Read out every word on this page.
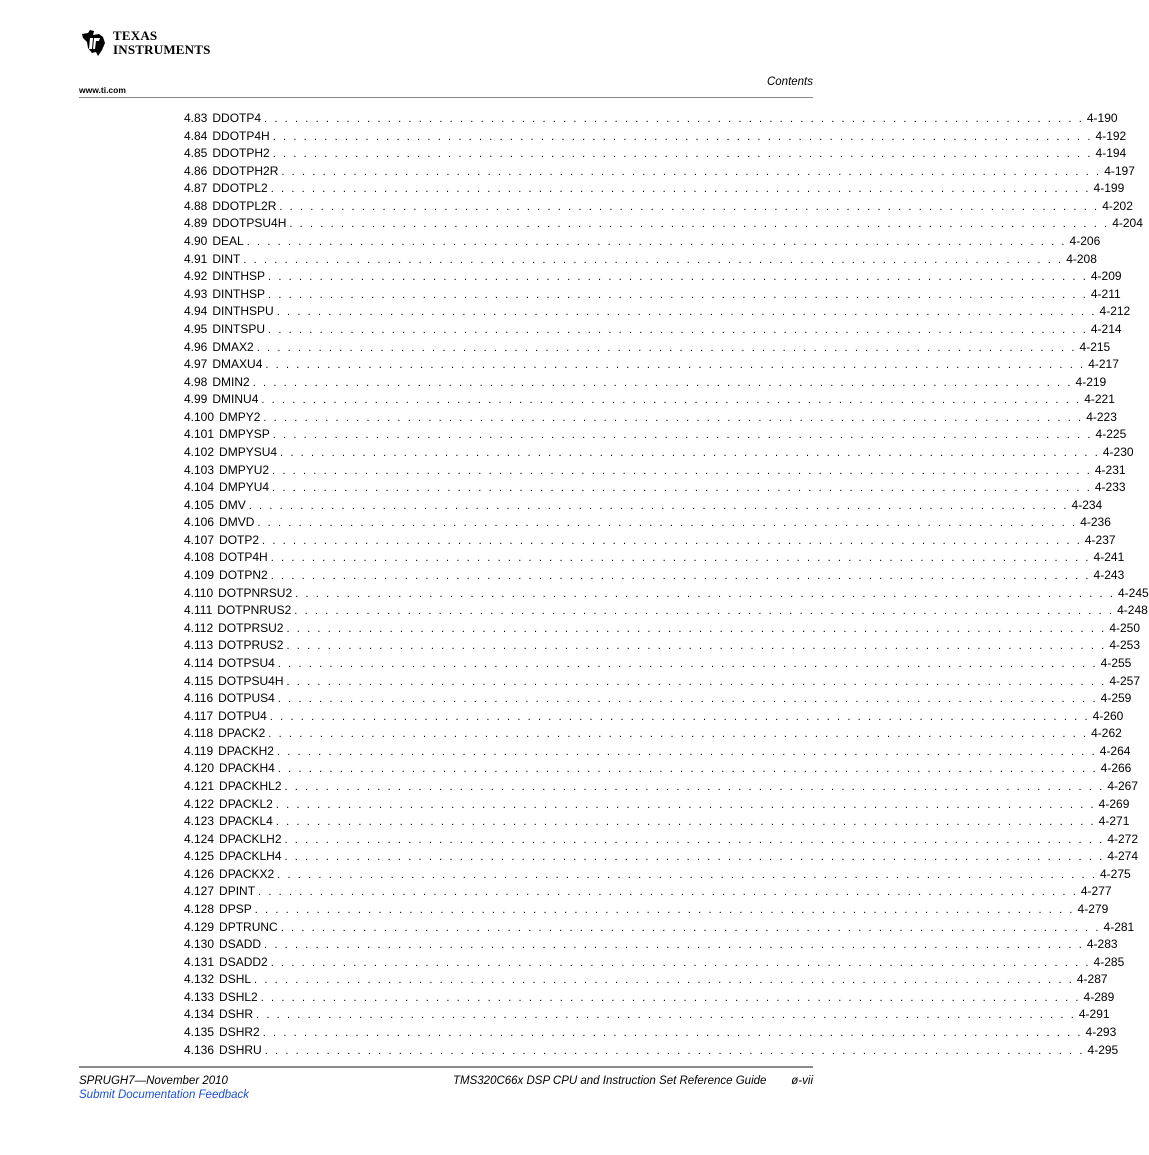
TEXAS
INSTRUMENTS
www.ti.com
Contents
4.83 DDOTP4 . . . . . . . . . . . . . . . . . . . . . . . . . . . . . . . . . . . . . . . . . . . . . . . . . . . . . . . . . . . . . . . . . . . . . . . . . . . . . . . . 4-190
4.84 DDOTP4H . . . . . . . . . . . . . . . . . . . . . . . . . . . . . . . . . . . . . . . . . . . . . . . . . . . . . . . . . . . . . . . . . . . . . . . . . . . . . . . . 4-192
4.85 DDOTPH2 . . . . . . . . . . . . . . . . . . . . . . . . . . . . . . . . . . . . . . . . . . . . . . . . . . . . . . . . . . . . . . . . . . . . . . . . . . . . . . . . 4-194
4.86 DDOTPH2R . . . . . . . . . . . . . . . . . . . . . . . . . . . . . . . . . . . . . . . . . . . . . . . . . . . . . . . . . . . . . . . . . . . . . . . . . . . . . . . . 4-197
4.87 DDOTPL2 . . . . . . . . . . . . . . . . . . . . . . . . . . . . . . . . . . . . . . . . . . . . . . . . . . . . . . . . . . . . . . . . . . . . . . . . . . . . . . . . 4-199
4.88 DDOTPL2R . . . . . . . . . . . . . . . . . . . . . . . . . . . . . . . . . . . . . . . . . . . . . . . . . . . . . . . . . . . . . . . . . . . . . . . . . . . . . . . . 4-202
4.89 DDOTPSU4H . . . . . . . . . . . . . . . . . . . . . . . . . . . . . . . . . . . . . . . . . . . . . . . . . . . . . . . . . . . . . . . . . . . . . . . . . . . . . . . . 4-204
4.90 DEAL . . . . . . . . . . . . . . . . . . . . . . . . . . . . . . . . . . . . . . . . . . . . . . . . . . . . . . . . . . . . . . . . . . . . . . . . . . . . . . . . 4-206
4.91 DINT . . . . . . . . . . . . . . . . . . . . . . . . . . . . . . . . . . . . . . . . . . . . . . . . . . . . . . . . . . . . . . . . . . . . . . . . . . . . . . . . 4-208
4.92 DINTHSP . . . . . . . . . . . . . . . . . . . . . . . . . . . . . . . . . . . . . . . . . . . . . . . . . . . . . . . . . . . . . . . . . . . . . . . . . . . . . . . . 4-209
4.93 DINTHSP . . . . . . . . . . . . . . . . . . . . . . . . . . . . . . . . . . . . . . . . . . . . . . . . . . . . . . . . . . . . . . . . . . . . . . . . . . . . . . . . 4-211
4.94 DINTHSPU . . . . . . . . . . . . . . . . . . . . . . . . . . . . . . . . . . . . . . . . . . . . . . . . . . . . . . . . . . . . . . . . . . . . . . . . . . . . . . . . 4-212
4.95 DINTSPU . . . . . . . . . . . . . . . . . . . . . . . . . . . . . . . . . . . . . . . . . . . . . . . . . . . . . . . . . . . . . . . . . . . . . . . . . . . . . . . . 4-214
4.96 DMAX2 . . . . . . . . . . . . . . . . . . . . . . . . . . . . . . . . . . . . . . . . . . . . . . . . . . . . . . . . . . . . . . . . . . . . . . . . . . . . . . . . 4-215
4.97 DMAXU4 . . . . . . . . . . . . . . . . . . . . . . . . . . . . . . . . . . . . . . . . . . . . . . . . . . . . . . . . . . . . . . . . . . . . . . . . . . . . . . . . 4-217
4.98 DMIN2 . . . . . . . . . . . . . . . . . . . . . . . . . . . . . . . . . . . . . . . . . . . . . . . . . . . . . . . . . . . . . . . . . . . . . . . . . . . . . . . . 4-219
4.99 DMINU4 . . . . . . . . . . . . . . . . . . . . . . . . . . . . . . . . . . . . . . . . . . . . . . . . . . . . . . . . . . . . . . . . . . . . . . . . . . . . . . . . 4-221
4.100 DMPY2 . . . . . . . . . . . . . . . . . . . . . . . . . . . . . . . . . . . . . . . . . . . . . . . . . . . . . . . . . . . . . . . . . . . . . . . . . . . . . . . . 4-223
4.101 DMPYSP . . . . . . . . . . . . . . . . . . . . . . . . . . . . . . . . . . . . . . . . . . . . . . . . . . . . . . . . . . . . . . . . . . . . . . . . . . . . . . . . 4-225
4.102 DMPYSU4 . . . . . . . . . . . . . . . . . . . . . . . . . . . . . . . . . . . . . . . . . . . . . . . . . . . . . . . . . . . . . . . . . . . . . . . . . . . . . . . . 4-230
4.103 DMPYU2 . . . . . . . . . . . . . . . . . . . . . . . . . . . . . . . . . . . . . . . . . . . . . . . . . . . . . . . . . . . . . . . . . . . . . . . . . . . . . . . . 4-231
4.104 DMPYU4 . . . . . . . . . . . . . . . . . . . . . . . . . . . . . . . . . . . . . . . . . . . . . . . . . . . . . . . . . . . . . . . . . . . . . . . . . . . . . . . . 4-233
4.105 DMV . . . . . . . . . . . . . . . . . . . . . . . . . . . . . . . . . . . . . . . . . . . . . . . . . . . . . . . . . . . . . . . . . . . . . . . . . . . . . . . . 4-234
4.106 DMVD . . . . . . . . . . . . . . . . . . . . . . . . . . . . . . . . . . . . . . . . . . . . . . . . . . . . . . . . . . . . . . . . . . . . . . . . . . . . . . . . 4-236
4.107 DOTP2 . . . . . . . . . . . . . . . . . . . . . . . . . . . . . . . . . . . . . . . . . . . . . . . . . . . . . . . . . . . . . . . . . . . . . . . . . . . . . . . . 4-237
4.108 DOTP4H . . . . . . . . . . . . . . . . . . . . . . . . . . . . . . . . . . . . . . . . . . . . . . . . . . . . . . . . . . . . . . . . . . . . . . . . . . . . . . . . 4-241
4.109 DOTPN2 . . . . . . . . . . . . . . . . . . . . . . . . . . . . . . . . . . . . . . . . . . . . . . . . . . . . . . . . . . . . . . . . . . . . . . . . . . . . . . . . 4-243
4.110 DOTPNRSU2 . . . . . . . . . . . . . . . . . . . . . . . . . . . . . . . . . . . . . . . . . . . . . . . . . . . . . . . . . . . . . . . . . . . . . . . . . . . . . . . . 4-245
4.111 DOTPNRUS2 . . . . . . . . . . . . . . . . . . . . . . . . . . . . . . . . . . . . . . . . . . . . . . . . . . . . . . . . . . . . . . . . . . . . . . . . . . . . . . . . 4-248
4.112 DOTPRSU2 . . . . . . . . . . . . . . . . . . . . . . . . . . . . . . . . . . . . . . . . . . . . . . . . . . . . . . . . . . . . . . . . . . . . . . . . . . . . . . . . 4-250
4.113 DOTPRUS2 . . . . . . . . . . . . . . . . . . . . . . . . . . . . . . . . . . . . . . . . . . . . . . . . . . . . . . . . . . . . . . . . . . . . . . . . . . . . . . . . 4-253
4.114 DOTPSU4 . . . . . . . . . . . . . . . . . . . . . . . . . . . . . . . . . . . . . . . . . . . . . . . . . . . . . . . . . . . . . . . . . . . . . . . . . . . . . . . . 4-255
4.115 DOTPSU4H . . . . . . . . . . . . . . . . . . . . . . . . . . . . . . . . . . . . . . . . . . . . . . . . . . . . . . . . . . . . . . . . . . . . . . . . . . . . . . . . 4-257
4.116 DOTPUS4 . . . . . . . . . . . . . . . . . . . . . . . . . . . . . . . . . . . . . . . . . . . . . . . . . . . . . . . . . . . . . . . . . . . . . . . . . . . . . . . . 4-259
4.117 DOTPU4 . . . . . . . . . . . . . . . . . . . . . . . . . . . . . . . . . . . . . . . . . . . . . . . . . . . . . . . . . . . . . . . . . . . . . . . . . . . . . . . . 4-260
4.118 DPACK2 . . . . . . . . . . . . . . . . . . . . . . . . . . . . . . . . . . . . . . . . . . . . . . . . . . . . . . . . . . . . . . . . . . . . . . . . . . . . . . . . 4-262
4.119 DPACKH2 . . . . . . . . . . . . . . . . . . . . . . . . . . . . . . . . . . . . . . . . . . . . . . . . . . . . . . . . . . . . . . . . . . . . . . . . . . . . . . . . 4-264
4.120 DPACKH4 . . . . . . . . . . . . . . . . . . . . . . . . . . . . . . . . . . . . . . . . . . . . . . . . . . . . . . . . . . . . . . . . . . . . . . . . . . . . . . . . 4-266
4.121 DPACKHL2 . . . . . . . . . . . . . . . . . . . . . . . . . . . . . . . . . . . . . . . . . . . . . . . . . . . . . . . . . . . . . . . . . . . . . . . . . . . . . . . . 4-267
4.122 DPACKL2 . . . . . . . . . . . . . . . . . . . . . . . . . . . . . . . . . . . . . . . . . . . . . . . . . . . . . . . . . . . . . . . . . . . . . . . . . . . . . . . . 4-269
4.123 DPACKL4 . . . . . . . . . . . . . . . . . . . . . . . . . . . . . . . . . . . . . . . . . . . . . . . . . . . . . . . . . . . . . . . . . . . . . . . . . . . . . . . . 4-271
4.124 DPACKLH2 . . . . . . . . . . . . . . . . . . . . . . . . . . . . . . . . . . . . . . . . . . . . . . . . . . . . . . . . . . . . . . . . . . . . . . . . . . . . . . . . 4-272
4.125 DPACKLH4 . . . . . . . . . . . . . . . . . . . . . . . . . . . . . . . . . . . . . . . . . . . . . . . . . . . . . . . . . . . . . . . . . . . . . . . . . . . . . . . . 4-274
4.126 DPACKX2 . . . . . . . . . . . . . . . . . . . . . . . . . . . . . . . . . . . . . . . . . . . . . . . . . . . . . . . . . . . . . . . . . . . . . . . . . . . . . . . . 4-275
4.127 DPINT . . . . . . . . . . . . . . . . . . . . . . . . . . . . . . . . . . . . . . . . . . . . . . . . . . . . . . . . . . . . . . . . . . . . . . . . . . . . . . . . 4-277
4.128 DPSP . . . . . . . . . . . . . . . . . . . . . . . . . . . . . . . . . . . . . . . . . . . . . . . . . . . . . . . . . . . . . . . . . . . . . . . . . . . . . . . . 4-279
4.129 DPTRUNC . . . . . . . . . . . . . . . . . . . . . . . . . . . . . . . . . . . . . . . . . . . . . . . . . . . . . . . . . . . . . . . . . . . . . . . . . . . . . . . . 4-281
4.130 DSADD . . . . . . . . . . . . . . . . . . . . . . . . . . . . . . . . . . . . . . . . . . . . . . . . . . . . . . . . . . . . . . . . . . . . . . . . . . . . . . . . 4-283
4.131 DSADD2 . . . . . . . . . . . . . . . . . . . . . . . . . . . . . . . . . . . . . . . . . . . . . . . . . . . . . . . . . . . . . . . . . . . . . . . . . . . . . . . . 4-285
4.132 DSHL . . . . . . . . . . . . . . . . . . . . . . . . . . . . . . . . . . . . . . . . . . . . . . . . . . . . . . . . . . . . . . . . . . . . . . . . . . . . . . . . 4-287
4.133 DSHL2 . . . . . . . . . . . . . . . . . . . . . . . . . . . . . . . . . . . . . . . . . . . . . . . . . . . . . . . . . . . . . . . . . . . . . . . . . . . . . . . . 4-289
4.134 DSHR . . . . . . . . . . . . . . . . . . . . . . . . . . . . . . . . . . . . . . . . . . . . . . . . . . . . . . . . . . . . . . . . . . . . . . . . . . . . . . . . 4-291
4.135 DSHR2 . . . . . . . . . . . . . . . . . . . . . . . . . . . . . . . . . . . . . . . . . . . . . . . . . . . . . . . . . . . . . . . . . . . . . . . . . . . . . . . . 4-293
4.136 DSHRU . . . . . . . . . . . . . . . . . . . . . . . . . . . . . . . . . . . . . . . . . . . . . . . . . . . . . . . . . . . . . . . . . . . . . . . . . . . . . . . . 4-295
SPRUGH7—November 2010
Submit Documentation Feedback
TMS320C66x DSP CPU and Instruction Set Reference Guide ø-vii
